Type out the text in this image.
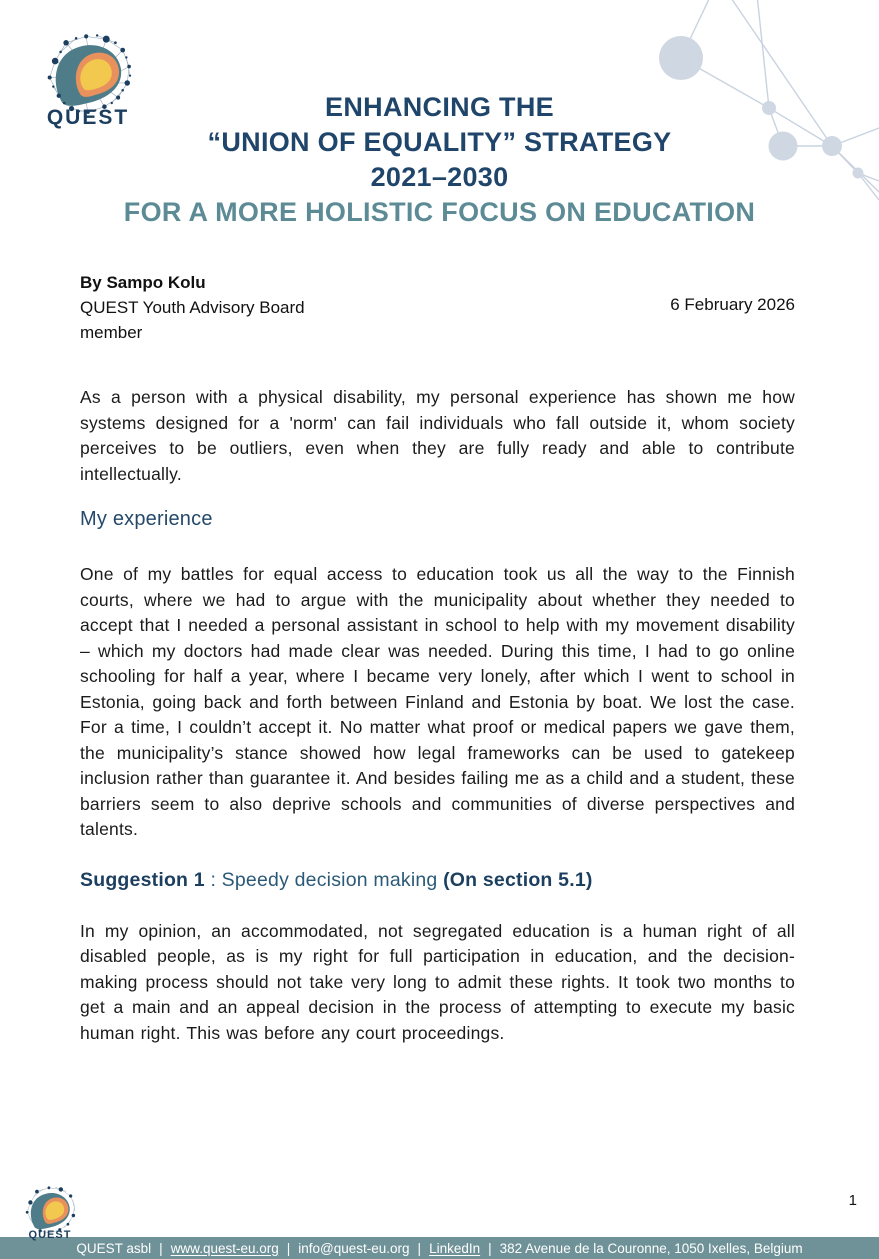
QUEST	ENHANCING THE
“UNION OF EQUALITY” STRATEGY
2021–2030
FOR A MORE HOLISTIC FOCUS ON EDUCATION
By Sampo Kolu
QUEST Youth Advisory Board
member
6 February 2026

As a person with a physical disability, my personal experience has shown me how systems designed for a 'norm' can fail individuals who fall outside it, whom society perceives to be outliers, even when they are fully ready and able to contribute intellectually.

My experience

One of my battles for equal access to education took us all the way to the Finnish courts, where we had to argue with the municipality about whether they needed to accept that I needed a personal assistant in school to help with my movement disability – which my doctors had made clear was needed. During this time, I had to go online schooling for half a year, where I became very lonely, after which I went to school in Estonia, going back and forth between Finland and Estonia by boat. We lost the case. For a time, I couldn’t accept it. No matter what proof or medical papers we gave them, the municipality’s stance showed how legal frameworks can be used to gatekeep inclusion rather than guarantee it. And besides failing me as a child and a student, these barriers seem to also deprive schools and communities of diverse perspectives and talents.

Suggestion 1 : Speedy decision making (On section 5.1)

In my opinion, an accommodated, not segregated education is a human right of all disabled people, as is my right for full participation in education, and the decision-making process should not take very long to admit these rights. It took two months to get a main and an appeal decision in the process of attempting to execute my basic human right. This was before any court proceedings.

QUEST
1
QUEST asbl | www.quest-eu.org | info@quest-eu.org | LinkedIn | 382 Avenue de la Couronne, 1050 Ixelles, Belgium
